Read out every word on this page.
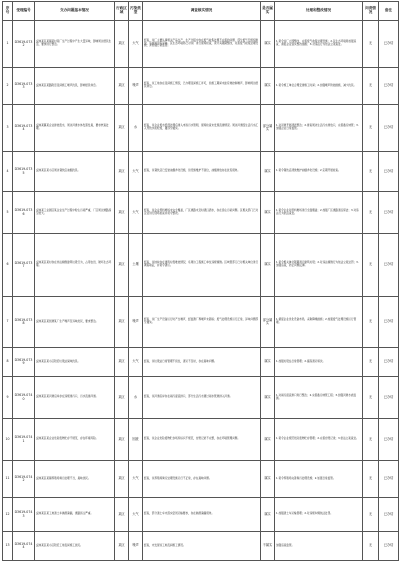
序号	受理编号	交办问题基本情况	行政区域	污染类型	调查核实情况	是否属实	处理和整改情况	问责情况	备注
1	D3619-0732	反映某区某镇某村某厂生产过程中产生大量异味，影响周边居民生活，要求进行整治。	某区	大气	经查，该厂主要从事相关产品生产，生产过程中存在废气收集处理不完善的问题，部分废气无组织排放，造成周边有异味。区生态环境局已对该厂进行现场检查，责令其限期整改，完善废气收集处理设施，并加强日常监管。	属实	1.责令该厂立即整改，完善废气收集处理设施；2.区生态环境局加强巡查，督促企业落实整改措施；3.对违法行为依法立案查处。	无	已办结
2	D3619-0733	反映某区某路附近夜间施工噪声扰民，影响居民休息。	某区	噪声	经查，该工地存在夜间施工情况，已办理夜间施工许可，但施工期间未能有效控制噪声，影响周边居民休息。	属实	1.责令施工单位合理安排施工时间；2.加强噪声防控措施，减少扰民。	无	已办结
3	D3619-0734	反映某镇某企业排放废水，周边河道水体发黑发臭，要求核查处理。	某区	水	经查，该企业废水经预处理后排入市政污水管网，现场检查未发现直排情况。周边河道因生活污水汇入导致水质较差，属部分属实。	部分属实	1.对河道开展清淤整治；2.排查周边生活污水排放口，完善截污纳管；3.加强企业日常监管。	无	已办结
4	D3619-0735	反映某区某小区周边餐饮店油烟扰民。	某区	大气	经查，该餐饮店已安装油烟净化设施，但设施维护不到位，油烟排放存在扰民现象。	属实	1.责令餐饮店清洗维护油烟净化设施；2.定期开展检查。	无	已办结
5	D3619-0736	反映某工业园区某企业生产过程中粉尘污染严重，厂区周边道路扬尘较大。	某区	大气	经查，该企业原料堆场未完全覆盖，厂区道路未及时清扫洒水，存在扬尘污染问题。区相关部门已对企业进行现场检查并责令整改。	属实	1.责令企业对原料堆场进行全面覆盖；2.加强厂区道路清扫保洁；3.对违法行为依法查处。	无	已办结
6	D3619-0737	反映某区某村存在非法倾倒建筑垃圾行为，占用农田，破坏生态环境。	某区	土壤	经查，该地块存在建筑垃圾堆放情况，系周边工程施工单位违规倾倒。区城管部门已对相关单位进行调查取证，并责令清运。	属实	1.责令相关单位限期清运建筑垃圾；2.对违法倾倒行为依法立案处罚；3.加强巡查，防止问题反弹。	无	已办结
7	D3619-0738	反映某区某街道某厂生产噪声及异味扰民，要求整治。	某区	噪声	经查，该厂生产设备运行时产生噪声，经监测厂界噪声未超标；废气处理设施运行正常，异味问题部分属实。	部分属实	1.督促企业优化设备布局，采取降噪措施；2.加强废气处理设施运行管理。	无	已办结
8	D3619-0739	反映某区某小区附近垃圾站臭味扰民。	某区	大气	经查，该垃圾站日常管理不到位，清运不及时，存在臭味问题。	属实	1.加强垃圾站日常管理；2.提高清运频次。	无	已办结
9	D3619-0740	反映某区某河道沿岸存在违规排污口，污水直排河道。	某区	水	经查，该河道沿岸存在雨污混流排口，部分生活污水通过雨水管道排入河道。	属实	1.对雨污混流排口进行整治；2.完善截污纳管工程；3.加强河道水质监测。	无	已办结
10	D3619-0741	反映某区某企业危险废物贮存不规范，存在环境风险。	某区	固废	经查，该企业危险废物贮存场所标识不规范，台账记录不完整，存在环境管理问题。	属实	1.责令企业规范危险废物贮存管理；2.完善台账记录；3.依法立案查处。	无	已办结
11	D3619-0742	反映某区某镇养殖场粪污处理不当，臭味扰民。	某区	大气	经查，该养殖场粪污处理设施运行不正常，存在臭味问题。	属实	1.责令养殖场完善粪污处理设施；2.加强日常监管。	无	已办结
12	D3619-0743	反映某区某工地渣土车抛洒滴漏，道路扬尘严重。	某区	大气	经查，部分渣土车未落实密闭运输要求，存在抛洒滴漏现象。	属实	1.加强渣土车运输管理；2.对违规车辆依法处罚。	无	已办结
13	D3619-0744	反映某区某小区附近工地夜间施工扰民。	某区	噪声	经查，未发现该工地夜间施工情况。	不属实	加强巡查监管。	无	已办结
